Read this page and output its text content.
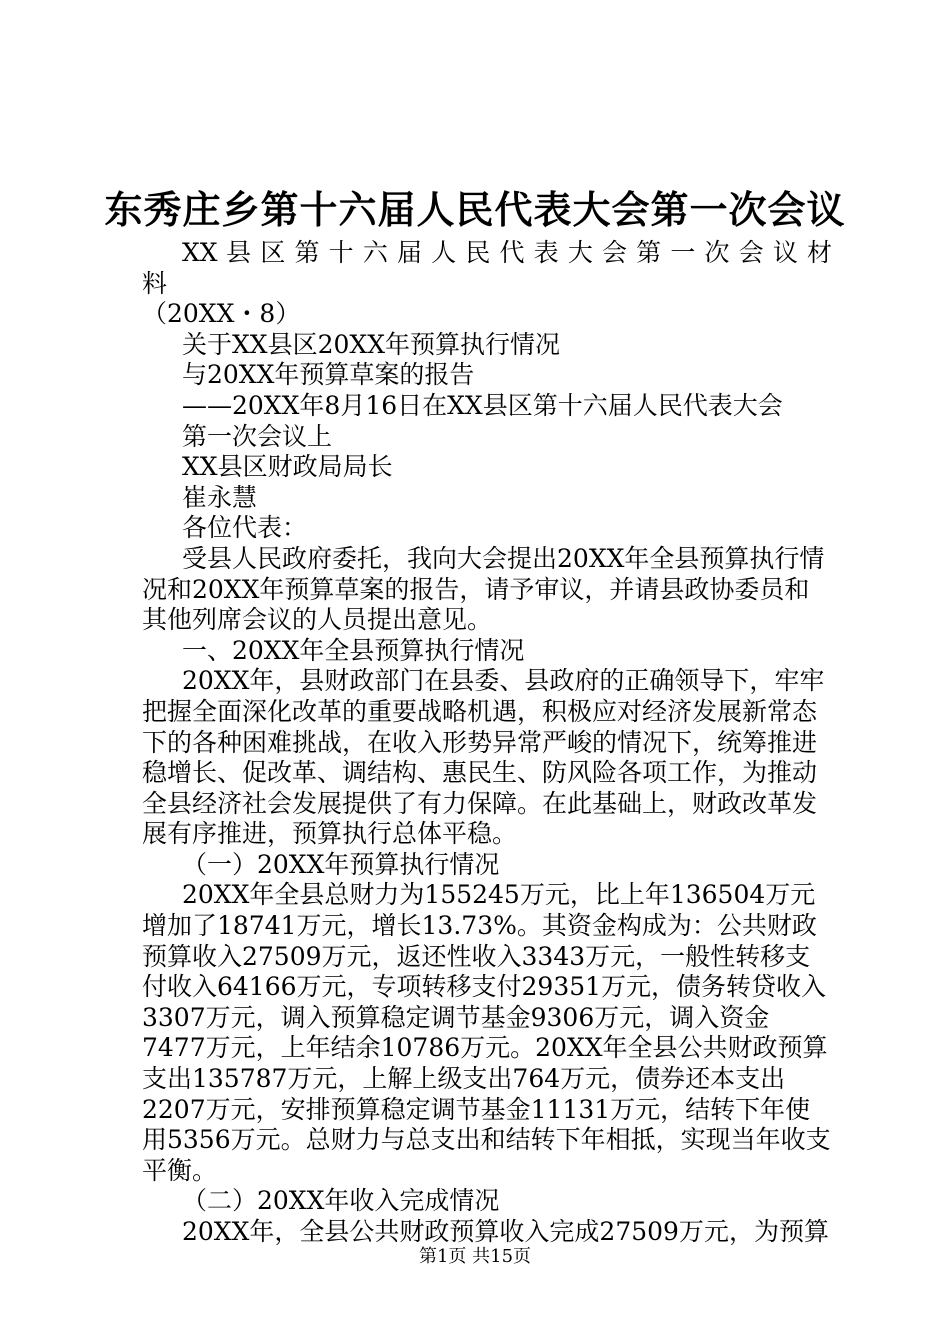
东秀庄乡第十六届人民代表大会第一次会议

XX 县 区 第 十 六 届 人 民 代 表 大 会 第 一 次 会 议 材 料

（20XX・8）

关于XX县区20XX年预算执行情况

与20XX年预算草案的报告

——20XX年8月16日在XX县区第十六届人民代表大会

第一次会议上

XX县区财政局局长

崔永慧

各位代表：

受县人民政府委托，我向大会提出20XX年全县预算执行情况和20XX年预算草案的报告，请予审议，并请县政协委员和其他列席会议的人员提出意见。

一、20XX年全县预算执行情况

20XX年，县财政部门在县委、县政府的正确领导下，牢牢把握全面深化改革的重要战略机遇，积极应对经济发展新常态下的各种困难挑战，在收入形势异常严峻的情况下，统筹推进稳增长、促改革、调结构、惠民生、防风险各项工作，为推动全县经济社会发展提供了有力保障。在此基础上，财政改革发展有序推进，预算执行总体平稳。

（一）20XX年预算执行情况

20XX年全县总财力为155245万元，比上年136504万元增加了18741万元，增长13.73%。其资金构成为：公共财政预算收入27509万元，返还性收入3343万元，一般性转移支付收入64166万元，专项转移支付29351万元，债务转贷收入3307万元，调入预算稳定调节基金9306万元，调入资金7477万元，上年结余10786万元。20XX年全县公共财政预算支出135787万元，上解上级支出764万元，债券还本支出2207万元，安排预算稳定调节基金11131万元，结转下年使用5356万元。总财力与总支出和结转下年相抵，实现当年收支平衡。

（二）20XX年收入完成情况

20XX年，全县公共财政预算收入完成27509万元，为预算

第1页 共15页
